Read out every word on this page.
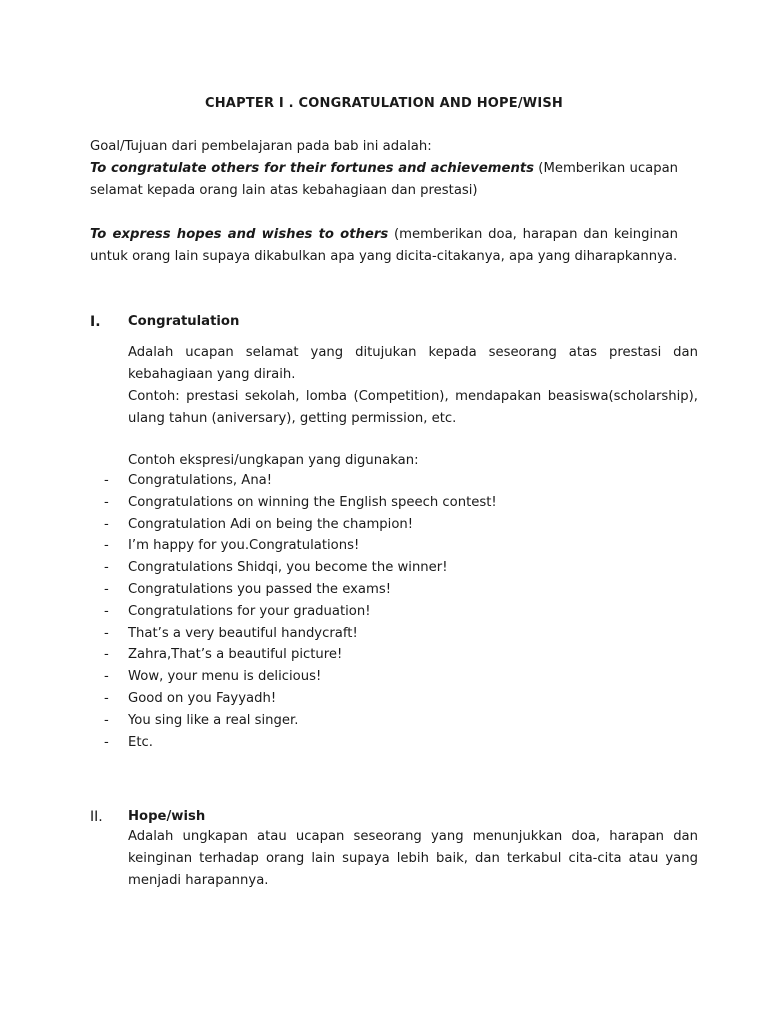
CHAPTER I . CONGRATULATION AND HOPE/WISH
Goal/Tujuan dari pembelajaran pada bab ini adalah:
To congratulate others for their fortunes and achievements (Memberikan ucapan selamat kepada orang lain atas kebahagiaan dan prestasi)
To express hopes and wishes to others (memberikan doa, harapan dan keinginan untuk orang lain supaya dikabulkan apa yang dicita-citakanya, apa yang diharapkannya.
I. Congratulation
Adalah ucapan selamat yang ditujukan kepada seseorang atas prestasi dan kebahagiaan yang diraih.
Contoh: prestasi sekolah, lomba (Competition), mendapakan beasiswa(scholarship), ulang tahun (aniversary), getting permission, etc.
Contoh ekspresi/ungkapan yang digunakan:
- Congratulations, Ana!
- Congratulations on winning the English speech contest!
- Congratulation Adi on being the champion!
- I’m happy for you.Congratulations!
- Congratulations Shidqi, you become the winner!
- Congratulations you passed the exams!
- Congratulations for your graduation!
- That’s a very beautiful handycraft!
- Zahra,That’s a beautiful picture!
- Wow, your menu is delicious!
- Good on you Fayyadh!
- You sing like a real singer.
- Etc.
II. Hope/wish
Adalah ungkapan atau ucapan seseorang yang menunjukkan doa, harapan dan keinginan terhadap orang lain supaya lebih baik, dan terkabul cita-cita atau yang menjadi harapannya.
